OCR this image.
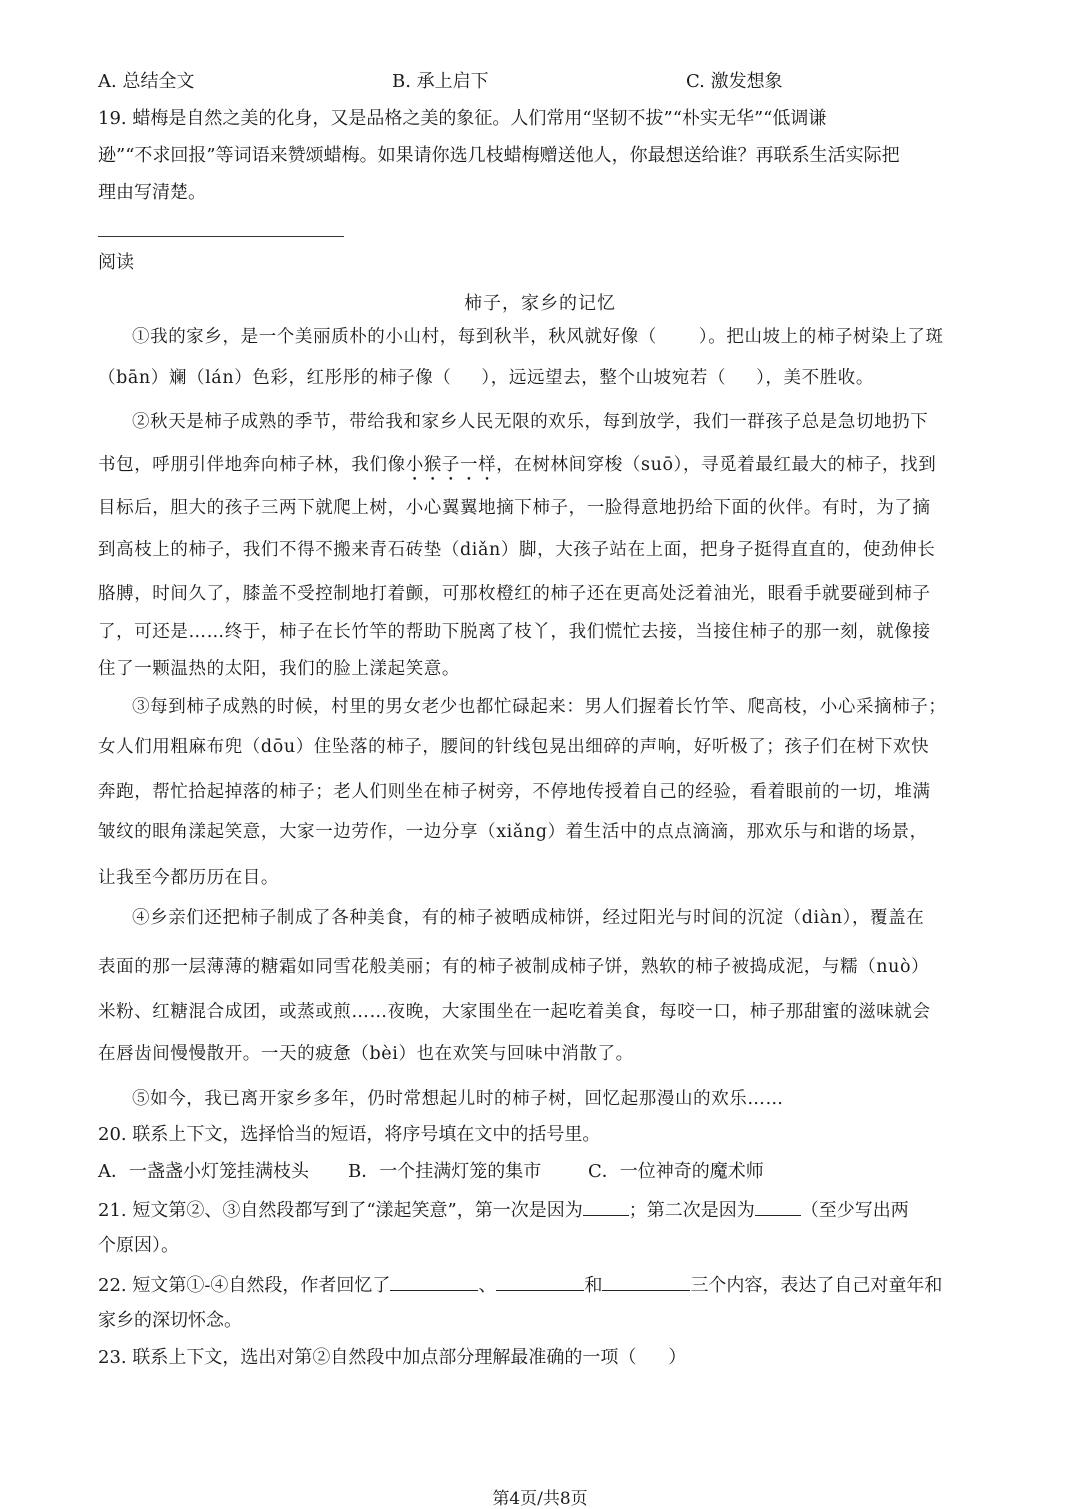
A. 总结全文	B. 承上启下	C. 激发想象
19. 蜡梅是自然之美的化身，又是品格之美的象征。人们常用“坚韧不拔”“朴实无华”“低调谦
逊”“不求回报”等词语来赞颂蜡梅。如果请你选几枝蜡梅赠送他人，你最想送给谁？再联系生活实际把
理由写清楚。
阅读
柿子，家乡的记忆
①我的家乡，是一个美丽质朴的小山村，每到秋半，秋风就好像（ ）。把山坡上的柿子树染上了斑
（bān）斓（lán）色彩，红彤彤的柿子像（ ），远远望去，整个山坡宛若（ ），美不胜收。
②秋天是柿子成熟的季节，带给我和家乡人民无限的欢乐，每到放学，我们一群孩子总是急切地扔下
书包，呼朋引伴地奔向柿子林，我们像小猴子一样，在树林间穿梭（suō），寻觅着最红最大的柿子，找到
目标后，胆大的孩子三两下就爬上树，小心翼翼地摘下柿子，一脸得意地扔给下面的伙伴。有时，为了摘
到高枝上的柿子，我们不得不搬来青石砖垫（diǎn）脚，大孩子站在上面，把身子挺得直直的，使劲伸长
胳膊，时间久了，膝盖不受控制地打着颤，可那枚橙红的柿子还在更高处泛着油光，眼看手就要碰到柿子
了，可还是……终于，柿子在长竹竿的帮助下脱离了枝丫，我们慌忙去接，当接住柿子的那一刻，就像接
住了一颗温热的太阳，我们的脸上漾起笑意。
③每到柿子成熟的时候，村里的男女老少也都忙碌起来：男人们握着长竹竿、爬高枝，小心采摘柿子；
女人们用粗麻布兜（dōu）住坠落的柿子，腰间的针线包晃出细碎的声响，好听极了；孩子们在树下欢快
奔跑，帮忙拾起掉落的柿子；老人们则坐在柿子树旁，不停地传授着自己的经验，看着眼前的一切，堆满
皱纹的眼角漾起笑意，大家一边劳作，一边分享（xiǎng）着生活中的点点滴滴，那欢乐与和谐的场景，
让我至今都历历在目。
④乡亲们还把柿子制成了各种美食，有的柿子被晒成柿饼，经过阳光与时间的沉淀（diàn），覆盖在
表面的那一层薄薄的糖霜如同雪花般美丽；有的柿子被制成柿子饼，熟软的柿子被捣成泥，与糯（nuò）
米粉、红糖混合成团，或蒸或煎……夜晚，大家围坐在一起吃着美食，每咬一口，柿子那甜蜜的滋味就会
在唇齿间慢慢散开。一天的疲惫（bèi）也在欢笑与回味中消散了。
⑤如今，我已离开家乡多年，仍时常想起儿时的柿子树，回忆起那漫山的欢乐……
20. 联系上下文，选择恰当的短语，将序号填在文中的括号里。
A．一盏盏小灯笼挂满枝头 B．一个挂满灯笼的集市	C．一位神奇的魔术师
21. 短文第②、③自然段都写到了“漾起笑意”，第一次是因为	；第二次是因为	（至少写出两
个原因）。
22. 短文第①-④自然段，作者回忆了	、	和	三个内容，表达了自己对童年和
家乡的深切怀念。
23. 联系上下文，选出对第②自然段中加点部分理解最准确的一项（ ）
第4页/共8页
